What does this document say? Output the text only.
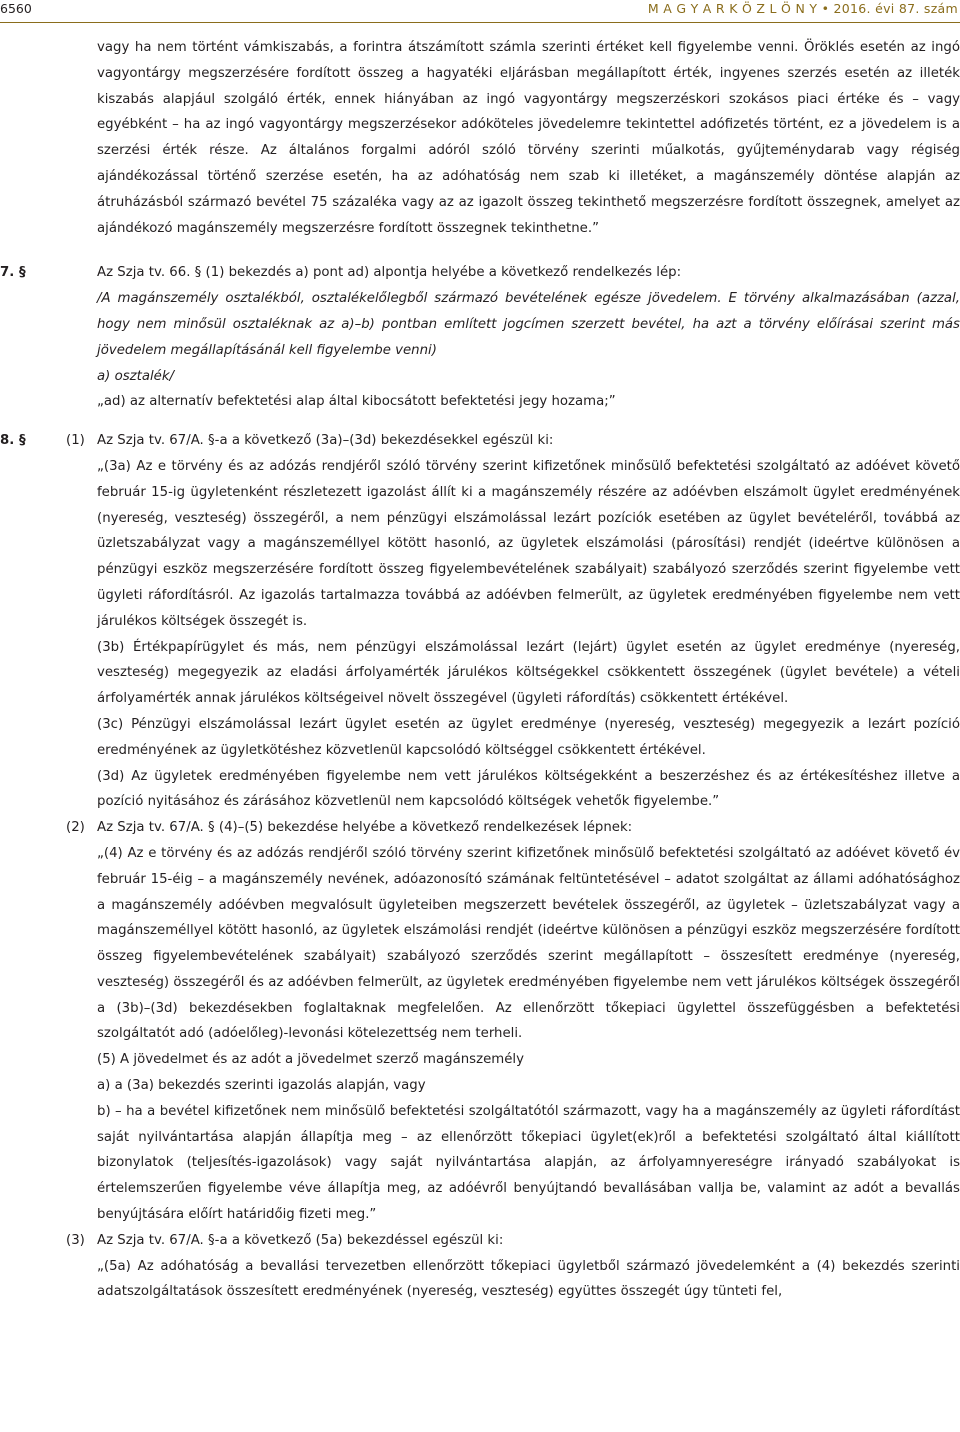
6560	M A G Y A R K Ö Z L Ö N Y • 2016. évi 87. szám

vagy ha nem történt vámkiszabás, a forintra átszámított számla szerinti értéket kell figyelembe venni. Öröklés esetén az ingó vagyontárgy megszerzésére fordított összeg a hagyatéki eljárásban megállapított érték, ingyenes szerzés esetén az illeték kiszabás alapjául szolgáló érték, ennek hiányában az ingó vagyontárgy megszerzéskori szokásos piaci értéke és – vagy egyébként – ha az ingó vagyontárgy megszerzésekor adóköteles jövedelemre tekintettel adófizetés történt, ez a jövedelem is a szerzési érték része. Az általános forgalmi adóról szóló törvény szerinti műalkotás, gyűjteménydarab vagy régiség ajándékozással történő szerzése esetén, ha az adóhatóság nem szab ki illetéket, a magánszemély döntése alapján az átruházásból származó bevétel 75 százaléka vagy az az igazolt összeg tekinthető megszerzésre fordított összegnek, amelyet az ajándékozó magánszemély megszerzésre fordított összegnek tekinthetne.”

7. §	Az Szja tv. 66. § (1) bekezdés a) pont ad) alpontja helyébe a következő rendelkezés lép:

/A magánszemély osztalékból, osztalékelőlegből származó bevételének egésze jövedelem. E törvény alkalmazásában (azzal, hogy nem minősül osztaléknak az a)–b) pontban említett jogcímen szerzett bevétel, ha azt a törvény előírásai szerint más jövedelem megállapításánál kell figyelembe venni)

a) osztalék/

„ad) az alternatív befektetési alap által kibocsátott befektetési jegy hozama;”

8. §	(1) Az Szja tv. 67/A. §-a a következő (3a)–(3d) bekezdésekkel egészül ki:

„(3a) Az e törvény és az adózás rendjéről szóló törvény szerint kifizetőnek minősülő befektetési szolgáltató az adóévet követő február 15-ig ügyletenként részletezett igazolást állít ki a magánszemély részére az adóévben elszámolt ügylet eredményének (nyereség, veszteség) összegéről, a nem pénzügyi elszámolással lezárt pozíciók esetében az ügylet bevételéről, továbbá az üzletszabályzat vagy a magánszeméllyel kötött hasonló, az ügyletek elszámolási (párosítási) rendjét (ideértve különösen a pénzügyi eszköz megszerzésére fordított összeg figyelembevételének szabályait) szabályozó szerződés szerint figyelembe vett ügyleti ráfordításról. Az igazolás tartalmazza továbbá az adóévben felmerült, az ügyletek eredményében figyelembe nem vett járulékos költségek összegét is.

(3b) Értékpapírügylet és más, nem pénzügyi elszámolással lezárt (lejárt) ügylet esetén az ügylet eredménye (nyereség, veszteség) megegyezik az eladási árfolyamérték járulékos költségekkel csökkentett összegének (ügylet bevétele) a vételi árfolyamérték annak járulékos költségeivel növelt összegével (ügyleti ráfordítás) csökkentett értékével.

(3c) Pénzügyi elszámolással lezárt ügylet esetén az ügylet eredménye (nyereség, veszteség) megegyezik a lezárt pozíció eredményének az ügyletkötéshez közvetlenül kapcsolódó költséggel csökkentett értékével.

(3d) Az ügyletek eredményében figyelembe nem vett járulékos költségekként a beszerzéshez és az értékesítéshez illetve a pozíció nyitásához és zárásához közvetlenül nem kapcsolódó költségek vehetők figyelembe.”

(2) Az Szja tv. 67/A. § (4)–(5) bekezdése helyébe a következő rendelkezések lépnek:

„(4) Az e törvény és az adózás rendjéről szóló törvény szerint kifizetőnek minősülő befektetési szolgáltató az adóévet követő év február 15-éig – a magánszemély nevének, adóazonosító számának feltüntetésével – adatot szolgáltat az állami adóhatósághoz a magánszemély adóévben megvalósult ügyleteiben megszerzett bevételek összegéről, az ügyletek – üzletszabályzat vagy a magánszeméllyel kötött hasonló, az ügyletek elszámolási rendjét (ideértve különösen a pénzügyi eszköz megszerzésére fordított összeg figyelembevételének szabályait) szabályozó szerződés szerint megállapított – összesített eredménye (nyereség, veszteség) összegéről és az adóévben felmerült, az ügyletek eredményében figyelembe nem vett járulékos költségek összegéről a (3b)–(3d) bekezdésekben foglaltaknak megfelelően. Az ellenőrzött tőkepiaci ügylettel összefüggésben a befektetési szolgáltatót adó (adóelőleg)-levonási kötelezettség nem terheli.

(5) A jövedelmet és az adót a jövedelmet szerző magánszemély

a) a (3a) bekezdés szerinti igazolás alapján, vagy

b) – ha a bevétel kifizetőnek nem minősülő befektetési szolgáltatótól származott, vagy ha a magánszemély az ügyleti ráfordítást saját nyilvántartása alapján állapítja meg – az ellenőrzött tőkepiaci ügylet(ek)ről a befektetési szolgáltató által kiállított bizonylatok (teljesítés-igazolások) vagy saját nyilvántartása alapján, az árfolyamnyereségre irányadó szabályokat is értelemszerűen figyelembe véve állapítja meg, az adóévről benyújtandó bevallásában vallja be, valamint az adót a bevallás benyújtására előírt határidőig fizeti meg.”

(3) Az Szja tv. 67/A. §-a a következő (5a) bekezdéssel egészül ki:

„(5a) Az adóhatóság a bevallási tervezetben ellenőrzött tőkepiaci ügyletből származó jövedelemként a (4) bekezdés szerinti adatszolgáltatások összesített eredményének (nyereség, veszteség) együttes összegét úgy tünteti fel,
